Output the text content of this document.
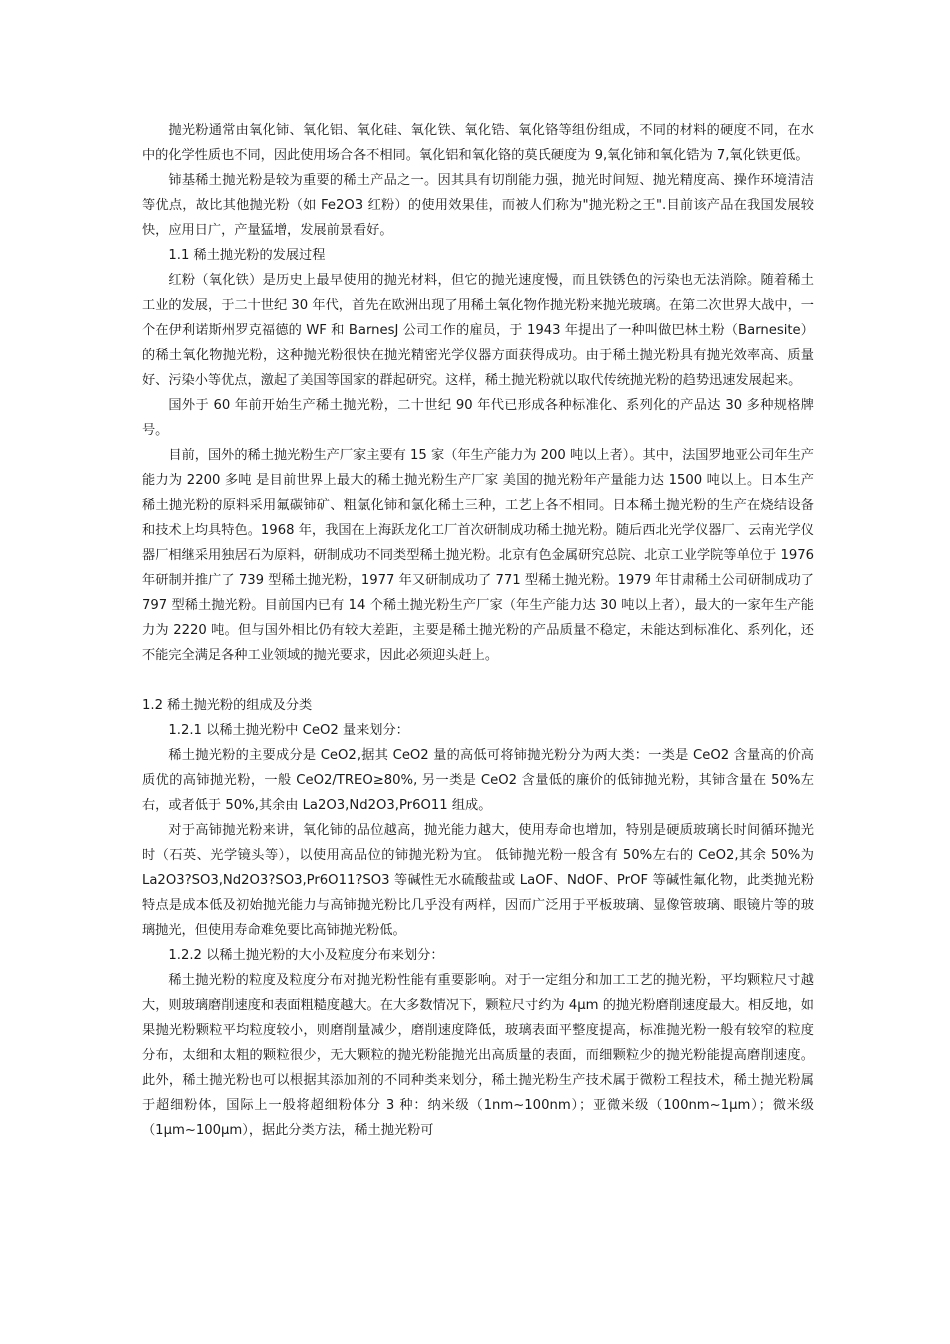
抛光粉通常由氧化铈、氧化铝、氧化硅、氧化铁、氧化锆、氧化铬等组份组成，不同的材料的硬度不同，在水中的化学性质也不同，因此使用场合各不相同。氧化铝和氧化铬的莫氏硬度为 9,氧化铈和氧化锆为 7,氧化铁更低。

铈基稀土抛光粉是较为重要的稀土产品之一。因其具有切削能力强，抛光时间短、抛光精度高、操作环境清洁等优点，故比其他抛光粉（如 Fe2O3 红粉）的使用效果佳，而被人们称为"抛光粉之王".目前该产品在我国发展较快，应用日广，产量猛增，发展前景看好。

1.1 稀土抛光粉的发展过程

红粉（氧化铁）是历史上最早使用的抛光材料，但它的抛光速度慢，而且铁锈色的污染也无法消除。随着稀土工业的发展，于二十世纪 30 年代，首先在欧洲出现了用稀土氧化物作抛光粉来抛光玻璃。在第二次世界大战中，一个在伊利诺斯州罗克福德的 WF 和 BarnesJ 公司工作的雇员，于 1943 年提出了一种叫做巴林土粉（Barnesite）的稀土氧化物抛光粉，这种抛光粉很快在抛光精密光学仪器方面获得成功。由于稀土抛光粉具有抛光效率高、质量好、污染小等优点，激起了美国等国家的群起研究。这样，稀土抛光粉就以取代传统抛光粉的趋势迅速发展起来。

国外于 60 年前开始生产稀土抛光粉，二十世纪 90 年代已形成各种标准化、系列化的产品达 30 多种规格牌号。

目前，国外的稀土抛光粉生产厂家主要有 15 家（年生产能力为 200 吨以上者）。其中，法国罗地亚公司年生产能力为 2200 多吨 是目前世界上最大的稀土抛光粉生产厂家 美国的抛光粉年产量能力达 1500 吨以上。日本生产稀土抛光粉的原料采用氟碳铈矿、粗氯化铈和氯化稀土三种，工艺上各不相同。日本稀土抛光粉的生产在烧结设备和技术上均具特色。1968 年，我国在上海跃龙化工厂首次研制成功稀土抛光粉。随后西北光学仪器厂、云南光学仪器厂相继采用独居石为原料，研制成功不同类型稀土抛光粉。北京有色金属研究总院、北京工业学院等单位于 1976 年研制并推广了 739 型稀土抛光粉，1977 年又研制成功了 771 型稀土抛光粉。1979 年甘肃稀土公司研制成功了 797 型稀土抛光粉。目前国内已有 14 个稀土抛光粉生产厂家（年生产能力达 30 吨以上者），最大的一家年生产能力为 2220 吨。但与国外相比仍有较大差距，主要是稀土抛光粉的产品质量不稳定，未能达到标准化、系列化，还不能完全满足各种工业领域的抛光要求，因此必须迎头赶上。

1.2 稀土抛光粉的组成及分类

1.2.1 以稀土抛光粉中 CeO2 量来划分：

稀土抛光粉的主要成分是 CeO2,据其 CeO2 量的高低可将铈抛光粉分为两大类：一类是 CeO2 含量高的价高质优的高铈抛光粉，一般 CeO2/TREO≥80%, 另一类是 CeO2 含量低的廉价的低铈抛光粉，其铈含量在 50%左右，或者低于 50%,其余由 La2O3,Nd2O3,Pr6O11 组成。

对于高铈抛光粉来讲，氧化铈的品位越高，抛光能力越大，使用寿命也增加，特别是硬质玻璃长时间循环抛光时（石英、光学镜头等），以使用高品位的铈抛光粉为宜。 低铈抛光粉一般含有 50%左右的 CeO2,其余 50%为 La2O3?SO3,Nd2O3?SO3,Pr6O11?SO3 等碱性无水硫酸盐或 LaOF、NdOF、PrOF 等碱性氟化物，此类抛光粉特点是成本低及初始抛光能力与高铈抛光粉比几乎没有两样，因而广泛用于平板玻璃、显像管玻璃、眼镜片等的玻璃抛光，但使用寿命难免要比高铈抛光粉低。

1.2.2 以稀土抛光粉的大小及粒度分布来划分：

稀土抛光粉的粒度及粒度分布对抛光粉性能有重要影响。对于一定组分和加工工艺的抛光粉，平均颗粒尺寸越大，则玻璃磨削速度和表面粗糙度越大。在大多数情况下，颗粒尺寸约为 4μm 的抛光粉磨削速度最大。相反地，如果抛光粉颗粒平均粒度较小，则磨削量减少，磨削速度降低，玻璃表面平整度提高，标准抛光粉一般有较窄的粒度分布，太细和太粗的颗粒很少，无大颗粒的抛光粉能抛光出高质量的表面，而细颗粒少的抛光粉能提高磨削速度。此外，稀土抛光粉也可以根据其添加剂的不同种类来划分，稀土抛光粉生产技术属于微粉工程技术，稀土抛光粉属于超细粉体，国际上一般将超细粉体分 3 种：纳米级（1nm~100nm）；亚微米级（100nm~1μm）；微米级（1μm~100μm），据此分类方法，稀土抛光粉可
